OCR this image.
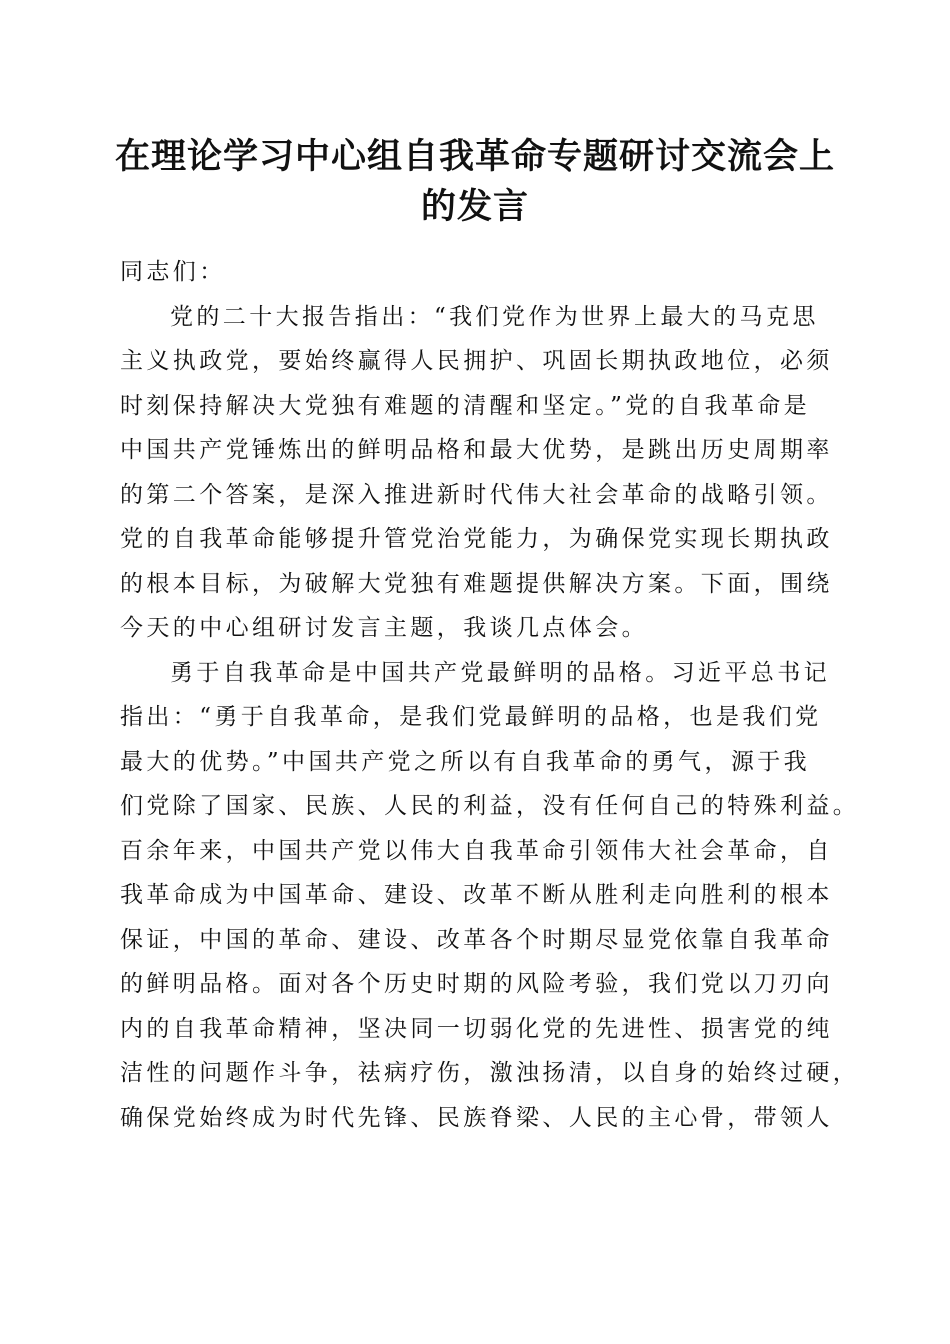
在理论学习中心组自我革命专题研讨交流会上
的发言
同志们：
党的二十大报告指出：“我们党作为世界上最大的马克思
主义执政党，要始终赢得人民拥护、巩固长期执政地位，必须
时刻保持解决大党独有难题的清醒和坚定。”党的自我革命是
中国共产党锤炼出的鲜明品格和最大优势，是跳出历史周期率
的第二个答案，是深入推进新时代伟大社会革命的战略引领。
党的自我革命能够提升管党治党能力，为确保党实现长期执政
的根本目标，为破解大党独有难题提供解决方案。下面，围绕
今天的中心组研讨发言主题，我谈几点体会。
勇于自我革命是中国共产党最鲜明的品格。习近平总书记
指出：“勇于自我革命，是我们党最鲜明的品格，也是我们党
最大的优势。”中国共产党之所以有自我革命的勇气，源于我
们党除了国家、民族、人民的利益，没有任何自己的特殊利益。
百余年来，中国共产党以伟大自我革命引领伟大社会革命，自
我革命成为中国革命、建设、改革不断从胜利走向胜利的根本
保证，中国的革命、建设、改革各个时期尽显党依靠自我革命
的鲜明品格。面对各个历史时期的风险考验，我们党以刀刃向
内的自我革命精神，坚决同一切弱化党的先进性、损害党的纯
洁性的问题作斗争，祛病疗伤，激浊扬清，以自身的始终过硬，
确保党始终成为时代先锋、民族脊梁、人民的主心骨，带领人
